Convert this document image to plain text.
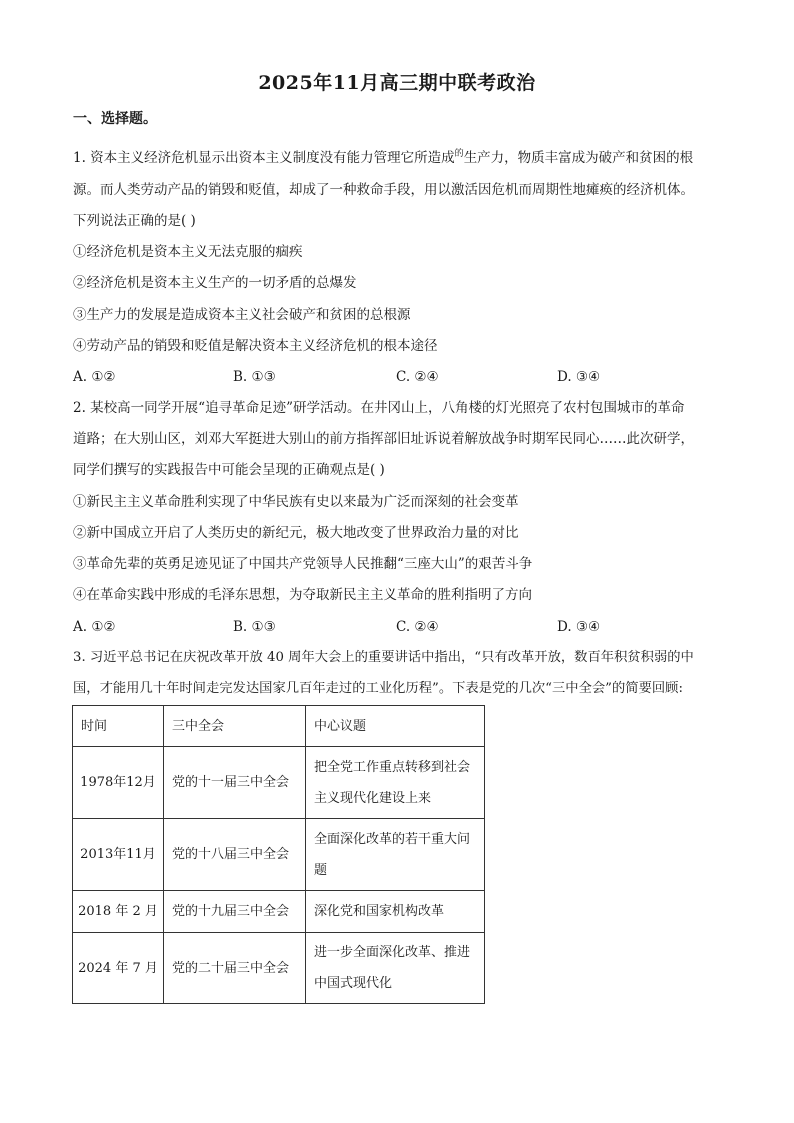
2025年11月高三期中联考政治
一、选择题。
1. 资本主义经济危机显示出资本主义制度没有能力管理它所造成$^的$生产力，物质丰富成为破产和贫困的根
源。而人类劳动产品的销毁和贬值，却成了一种救命手段，用以激活因危机而周期性地瘫痪的经济机体。
下列说法正确的是( )
①经济危机是资本主义无法克服的痼疾
②经济危机是资本主义生产的一切矛盾的总爆发
③生产力的发展是造成资本主义社会破产和贫困的总根源
④劳动产品的销毁和贬值是解决资本主义经济危机的根本途径
A. ①②	B. ①③	C. ②④	D. ③④
2. 某校高一同学开展“追寻革命足迹”研学活动。在井冈山上，八角楼的灯光照亮了农村包围城市的革命
道路；在大别山区，刘邓大军挺进大别山的前方指挥部旧址诉说着解放战争时期军民同心……此次研学，
同学们撰写的实践报告中可能会呈现的正确观点是( )
①新民主主义革命胜利实现了中华民族有史以来最为广泛而深刻的社会变革
②新中国成立开启了人类历史的新纪元，极大地改变了世界政治力量的对比
③革命先辈的英勇足迹见证了中国共产党领导人民推翻“三座大山”的艰苦斗争
④在革命实践中形成的毛泽东思想，为夺取新民主主义革命的胜利指明了方向
A. ①②	B. ①③	C. ②④	D. ③④
3. 习近平总书记在庆祝改革开放 40 周年大会上的重要讲话中指出，“只有改革开放，数百年积贫积弱的中
国，才能用几十年时间走完发达国家几百年走过的工业化历程”。下表是党的几次“三中全会”的简要回顾:
时间	三中全会	中心议题
1978年12月	党的十一届三中全会	把全党工作重点转移到社会主义现代化建设上来
2013年11月	党的十八届三中全会	全面深化改革的若干重大问题
2018 年 2 月	党的十九届三中全会	深化党和国家机构改革
2024 年 7 月	党的二十届三中全会	进一步全面深化改革、推进中国式现代化
